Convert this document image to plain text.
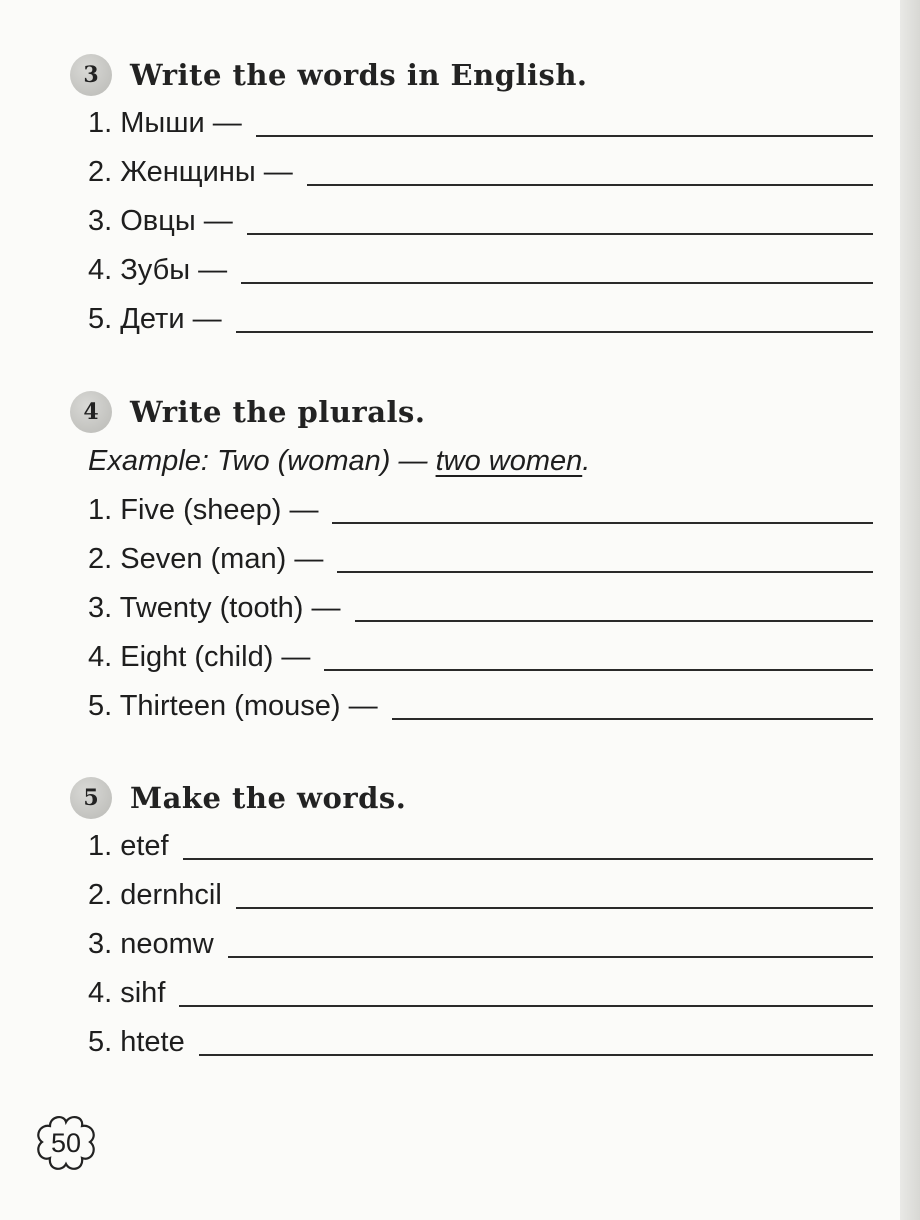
3	Write the words in English.
1. Мыши —
2. Женщины —
3. Овцы —
4. Зубы —
5. Дети —
4	Write the plurals.
Example: Two (woman) — two women.
1. Five (sheep) —
2. Seven (man) —
3. Twenty (tooth) —
4. Eight (child) —
5. Thirteen (mouse) —
5	Make the words.
1. etef
2. dernhcil
3. neomw
4. sihf
5. htete
50
